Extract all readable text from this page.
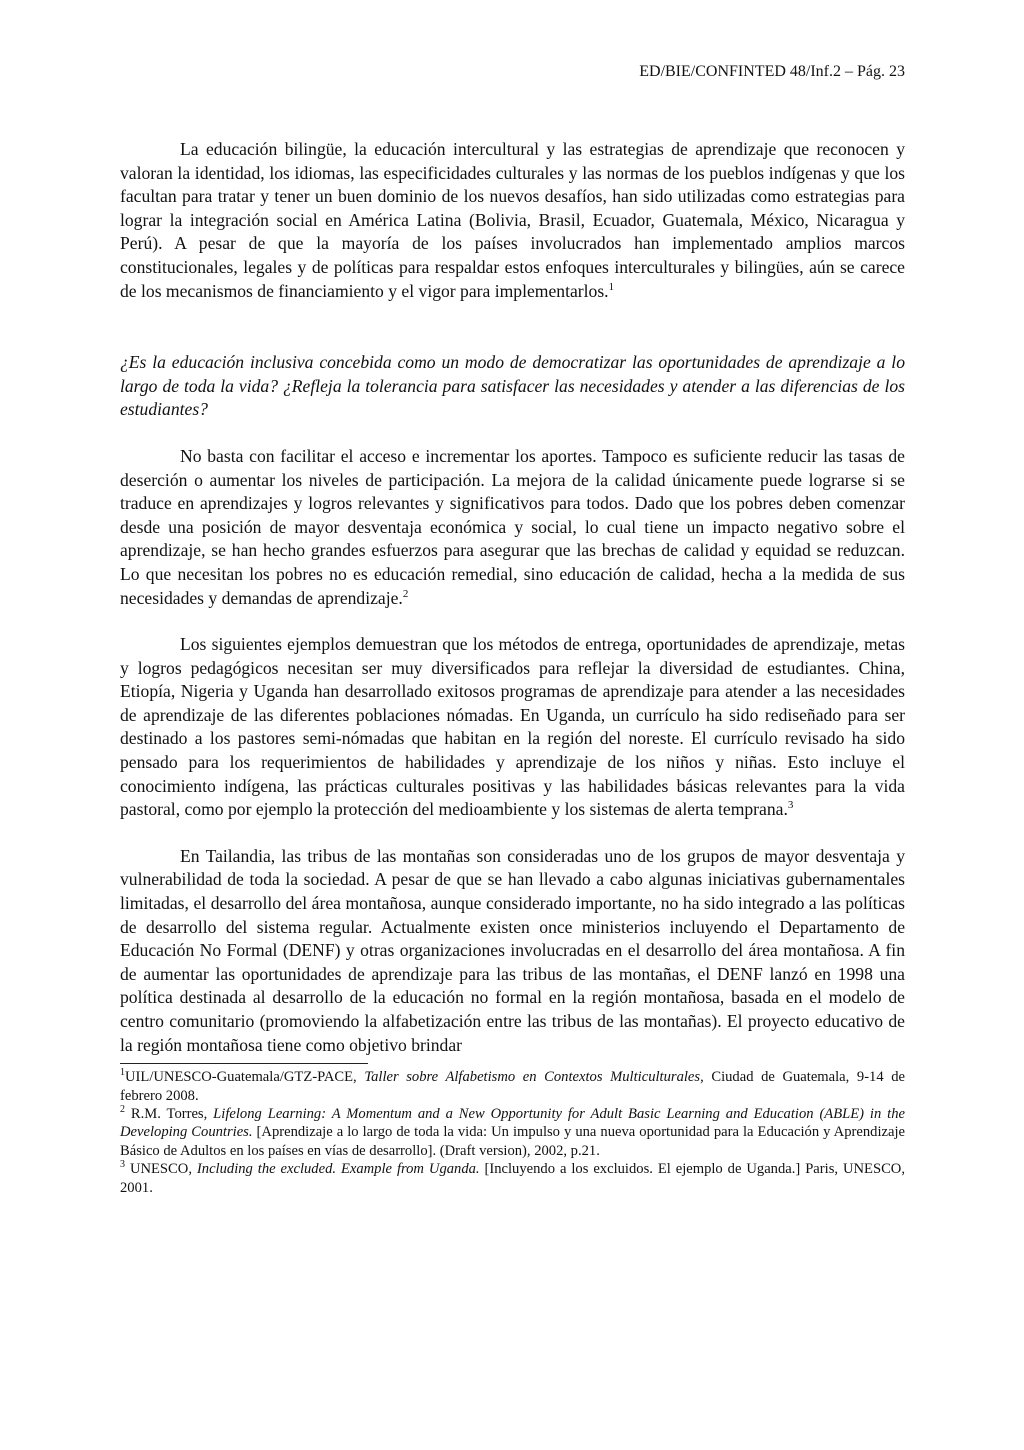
ED/BIE/CONFINTED 48/Inf.2 – Pág. 23

La educación bilingüe, la educación intercultural y las estrategias de aprendizaje que reconocen y valoran la identidad, los idiomas, las especificidades culturales y las normas de los pueblos indígenas y que los facultan para tratar y tener un buen dominio de los nuevos desafíos, han sido utilizadas como estrategias para lograr la integración social en América Latina (Bolivia, Brasil, Ecuador, Guatemala, México, Nicaragua y Perú). A pesar de que la mayoría de los países involucrados han implementado amplios marcos constitucionales, legales y de políticas para respaldar estos enfoques interculturales y bilingües, aún se carece de los mecanismos de financiamiento y el vigor para implementarlos.$^1$

¿Es la educación inclusiva concebida como un modo de democratizar las oportunidades de aprendizaje a lo largo de toda la vida? ¿Refleja la tolerancia para satisfacer las necesidades y atender a las diferencias de los estudiantes?

No basta con facilitar el acceso e incrementar los aportes. Tampoco es suficiente reducir las tasas de deserción o aumentar los niveles de participación. La mejora de la calidad únicamente puede lograrse si se traduce en aprendizajes y logros relevantes y significativos para todos. Dado que los pobres deben comenzar desde una posición de mayor desventaja económica y social, lo cual tiene un impacto negativo sobre el aprendizaje, se han hecho grandes esfuerzos para asegurar que las brechas de calidad y equidad se reduzcan. Lo que necesitan los pobres no es educación remedial, sino educación de calidad, hecha a la medida de sus necesidades y demandas de aprendizaje.$^2$

Los siguientes ejemplos demuestran que los métodos de entrega, oportunidades de aprendizaje, metas y logros pedagógicos necesitan ser muy diversificados para reflejar la diversidad de estudiantes. China, Etiopía, Nigeria y Uganda han desarrollado exitosos programas de aprendizaje para atender a las necesidades de aprendizaje de las diferentes poblaciones nómadas. En Uganda, un currículo ha sido rediseñado para ser destinado a los pastores semi-nómadas que habitan en la región del noreste. El currículo revisado ha sido pensado para los requerimientos de habilidades y aprendizaje de los niños y niñas. Esto incluye el conocimiento indígena, las prácticas culturales positivas y las habilidades básicas relevantes para la vida pastoral, como por ejemplo la protección del medioambiente y los sistemas de alerta temprana.$^3$

En Tailandia, las tribus de las montañas son consideradas uno de los grupos de mayor desventaja y vulnerabilidad de toda la sociedad. A pesar de que se han llevado a cabo algunas iniciativas gubernamentales limitadas, el desarrollo del área montañosa, aunque considerado importante, no ha sido integrado a las políticas de desarrollo del sistema regular. Actualmente existen once ministerios incluyendo el Departamento de Educación No Formal (DENF) y otras organizaciones involucradas en el desarrollo del área montañosa. A fin de aumentar las oportunidades de aprendizaje para las tribus de las montañas, el DENF lanzó en 1998 una política destinada al desarrollo de la educación no formal en la región montañosa, basada en el modelo de centro comunitario (promoviendo la alfabetización entre las tribus de las montañas). El proyecto educativo de la región montañosa tiene como objetivo brindar

$^1$UIL/UNESCO-Guatemala/GTZ-PACE, Taller sobre Alfabetismo en Contextos Multiculturales, Ciudad de Guatemala, 9-14 de febrero 2008.

$^2$ R.M. Torres, Lifelong Learning: A Momentum and a New Opportunity for Adult Basic Learning and Education (ABLE) in the Developing Countries. [Aprendizaje a lo largo de toda la vida: Un impulso y una nueva oportunidad para la Educación y Aprendizaje Básico de Adultos en los países en vías de desarrollo]. (Draft version), 2002, p.21.

$^3$ UNESCO, Including the excluded. Example from Uganda. [Incluyendo a los excluidos. El ejemplo de Uganda.] Paris, UNESCO, 2001.
